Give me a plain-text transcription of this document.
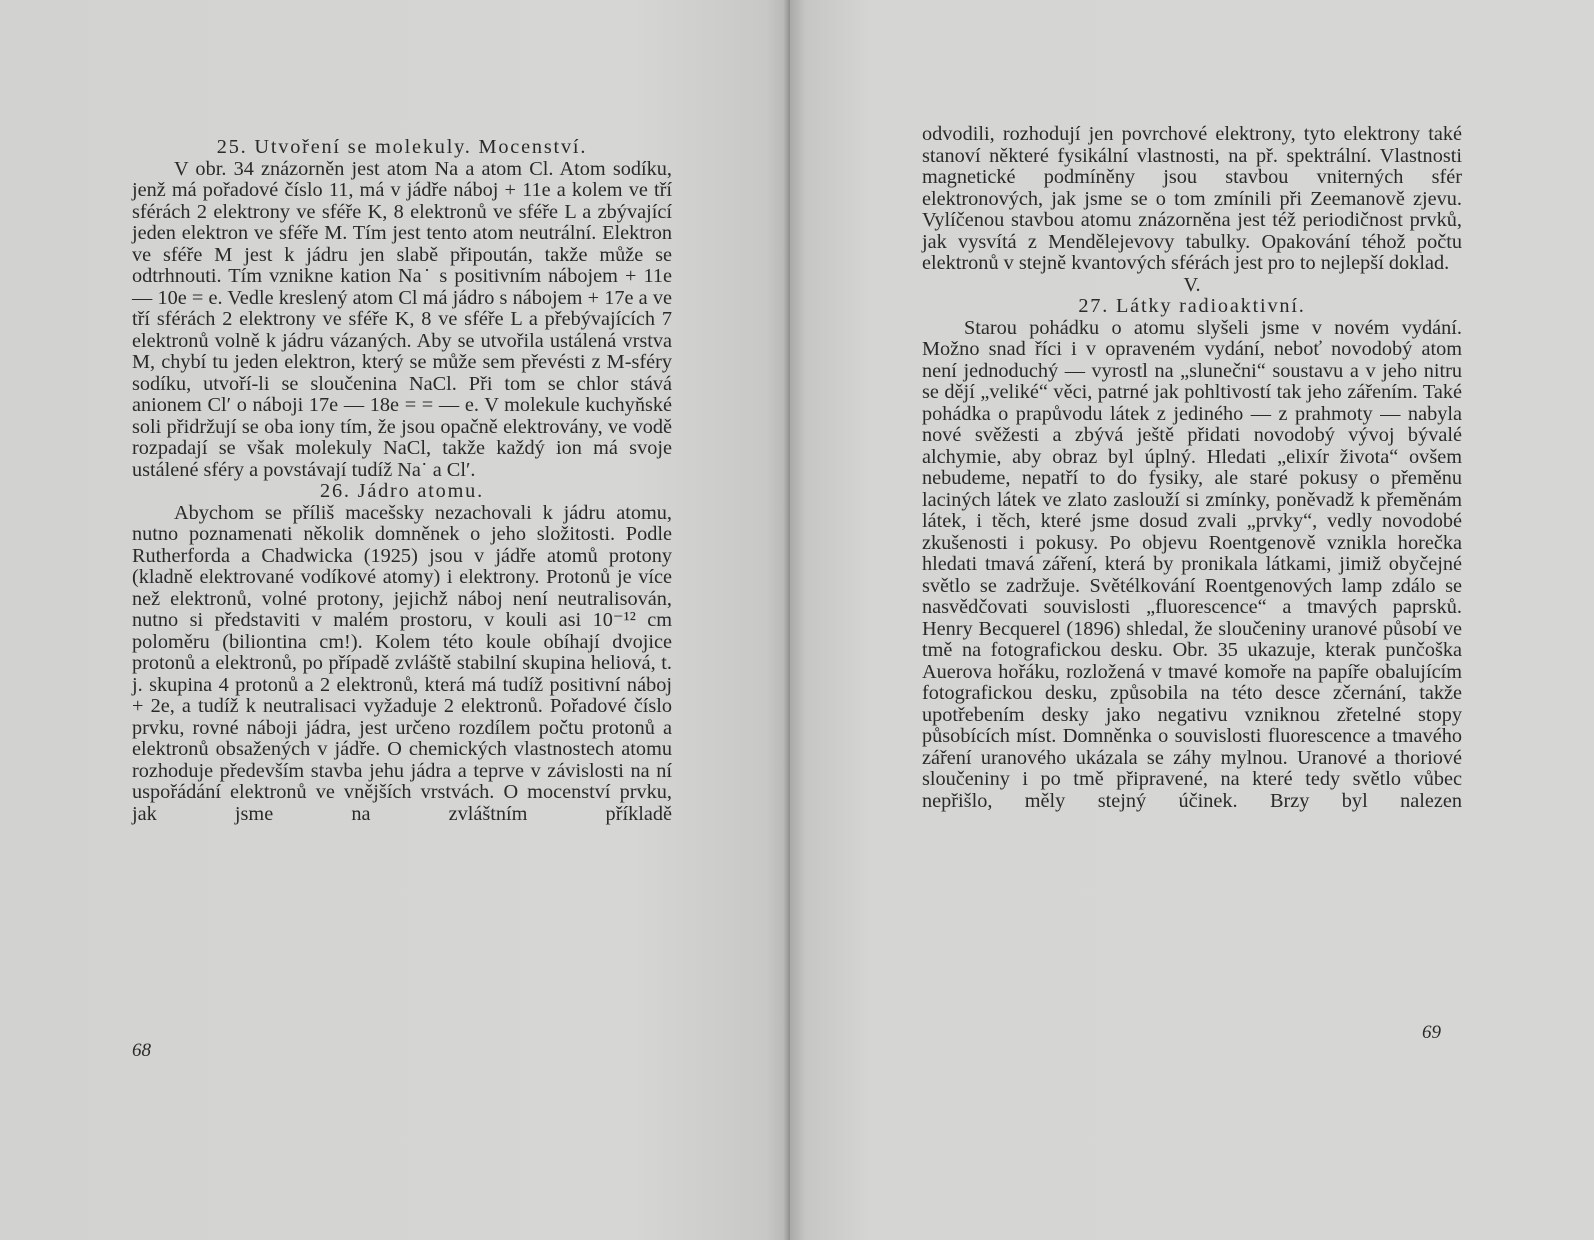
25. Utvoření se molekuly. Mocenství.

V obr. 34 znázorněn jest atom Na a atom Cl. Atom sodíku, jenž má pořadové číslo 11, má v jádře náboj + 11e a kolem ve tří sférách 2 elektrony ve sféře K, 8 elektronů ve sféře L a zbývající jeden elektron ve sféře M. Tím jest tento atom neutrální. Elektron ve sféře M jest k jádru jen slabě připoután, takže může se odtrhnouti. Tím vznikne kation Na˙ s positivním nábojem + 11e — 10e = e. Vedle kreslený atom Cl má jádro s nábojem + 17e a ve tří sférách 2 elektrony ve sféře K, 8 ve sféře L a přebývajících 7 elektronů volně k jádru vázaných. Aby se utvořila ustálená vrstva M, chybí tu jeden elektron, který se může sem převésti z M-sféry sodíku, utvoří-li se sloučenina NaCl. Při tom se chlor stává anionem Cl′ o náboji 17e — 18e = = — e. V molekule kuchyňské soli přidržují se oba iony tím, že jsou opačně elektrovány, ve vodě rozpadají se však molekuly NaCl, takže každý ion má svoje ustálené sféry a povstávají tudíž Na˙ a Cl′.

26. Jádro atomu.

Abychom se příliš macešsky nezachovali k jádru atomu, nutno poznamenati několik domněnek o jeho složitosti. Podle Rutherforda a Chadwicka (1925) jsou v jádře atomů protony (kladně elektrované vodíkové atomy) i elektrony. Protonů je více než elektronů, volné protony, jejichž náboj není neutralisován, nutno si představiti v malém prostoru, v kouli asi 10⁻¹² cm poloměru (biliontina cm!). Kolem této koule obíhají dvojice protonů a elektronů, po případě zvláště stabilní skupina heliová, t. j. skupina 4 protonů a 2 elektronů, která má tudíž positivní náboj + 2e, a tudíž k neutralisaci vyžaduje 2 elektronů. Pořadové číslo prvku, rovné náboji jádra, jest určeno rozdílem počtu protonů a elektronů obsažených v jádře. O chemických vlastnostech atomu rozhoduje především stavba jehu jádra a teprve v závislosti na ní uspořádání elektronů ve vnějších vrstvách. O mocenství prvku, jak jsme na zvláštním příkladě

68

odvodili, rozhodují jen povrchové elektrony, tyto elektrony také stanoví některé fysikální vlastnosti, na př. spektrální. Vlastnosti magnetické podmíněny jsou stavbou vniterných sfér elektronových, jak jsme se o tom zmínili při Zeemanově zjevu. Vylíčenou stavbou atomu znázorněna jest též periodičnost prvků, jak vysvítá z Mendělejevovy tabulky. Opakování téhož počtu elektronů v stejně kvantových sférách jest pro to nejlepší doklad.

V.

27. Látky radioaktivní.

Starou pohádku o atomu slyšeli jsme v novém vydání. Možno snad říci i v opraveném vydání, neboť novodobý atom není jednoduchý — vyrostl na „slunečni“ soustavu a v jeho nitru se dějí „veliké“ věci, patrné jak pohltivostí tak jeho zářením. Také pohádka o prapůvodu látek z jediného — z prahmoty — nabyla nové svěžesti a zbývá ještě přidati novodobý vývoj bývalé alchymie, aby obraz byl úplný. Hledati „elixír života“ ovšem nebudeme, nepatří to do fysiky, ale staré pokusy o přeměnu laciných látek ve zlato zaslouží si zmínky, poněvadž k přeměnám látek, i těch, které jsme dosud zvali „prvky“, vedly novodobé zkušenosti i pokusy. Po objevu Roentgenově vznikla horečka hledati tmavá záření, která by pronikala látkami, jimiž obyčejné světlo se zadržuje. Světélkování Roentgenových lamp zdálo se nasvědčovati souvislosti „fluorescence“ a tmavých paprsků. Henry Becquerel (1896) shledal, že sloučeniny uranové působí ve tmě na fotografickou desku. Obr. 35 ukazuje, kterak punčoška Auerova hořáku, rozložená v tmavé komoře na papíře obalujícím fotografickou desku, způsobila na této desce zčernání, takže upotřebením desky jako negativu vzniknou zřetelné stopy působících míst. Domněnka o souvislosti fluorescence a tmavého záření uranového ukázala se záhy mylnou. Uranové a thoriové sloučeniny i po tmě připravené, na které tedy světlo vůbec nepřišlo, měly stejný účinek. Brzy byl nalezen

69
